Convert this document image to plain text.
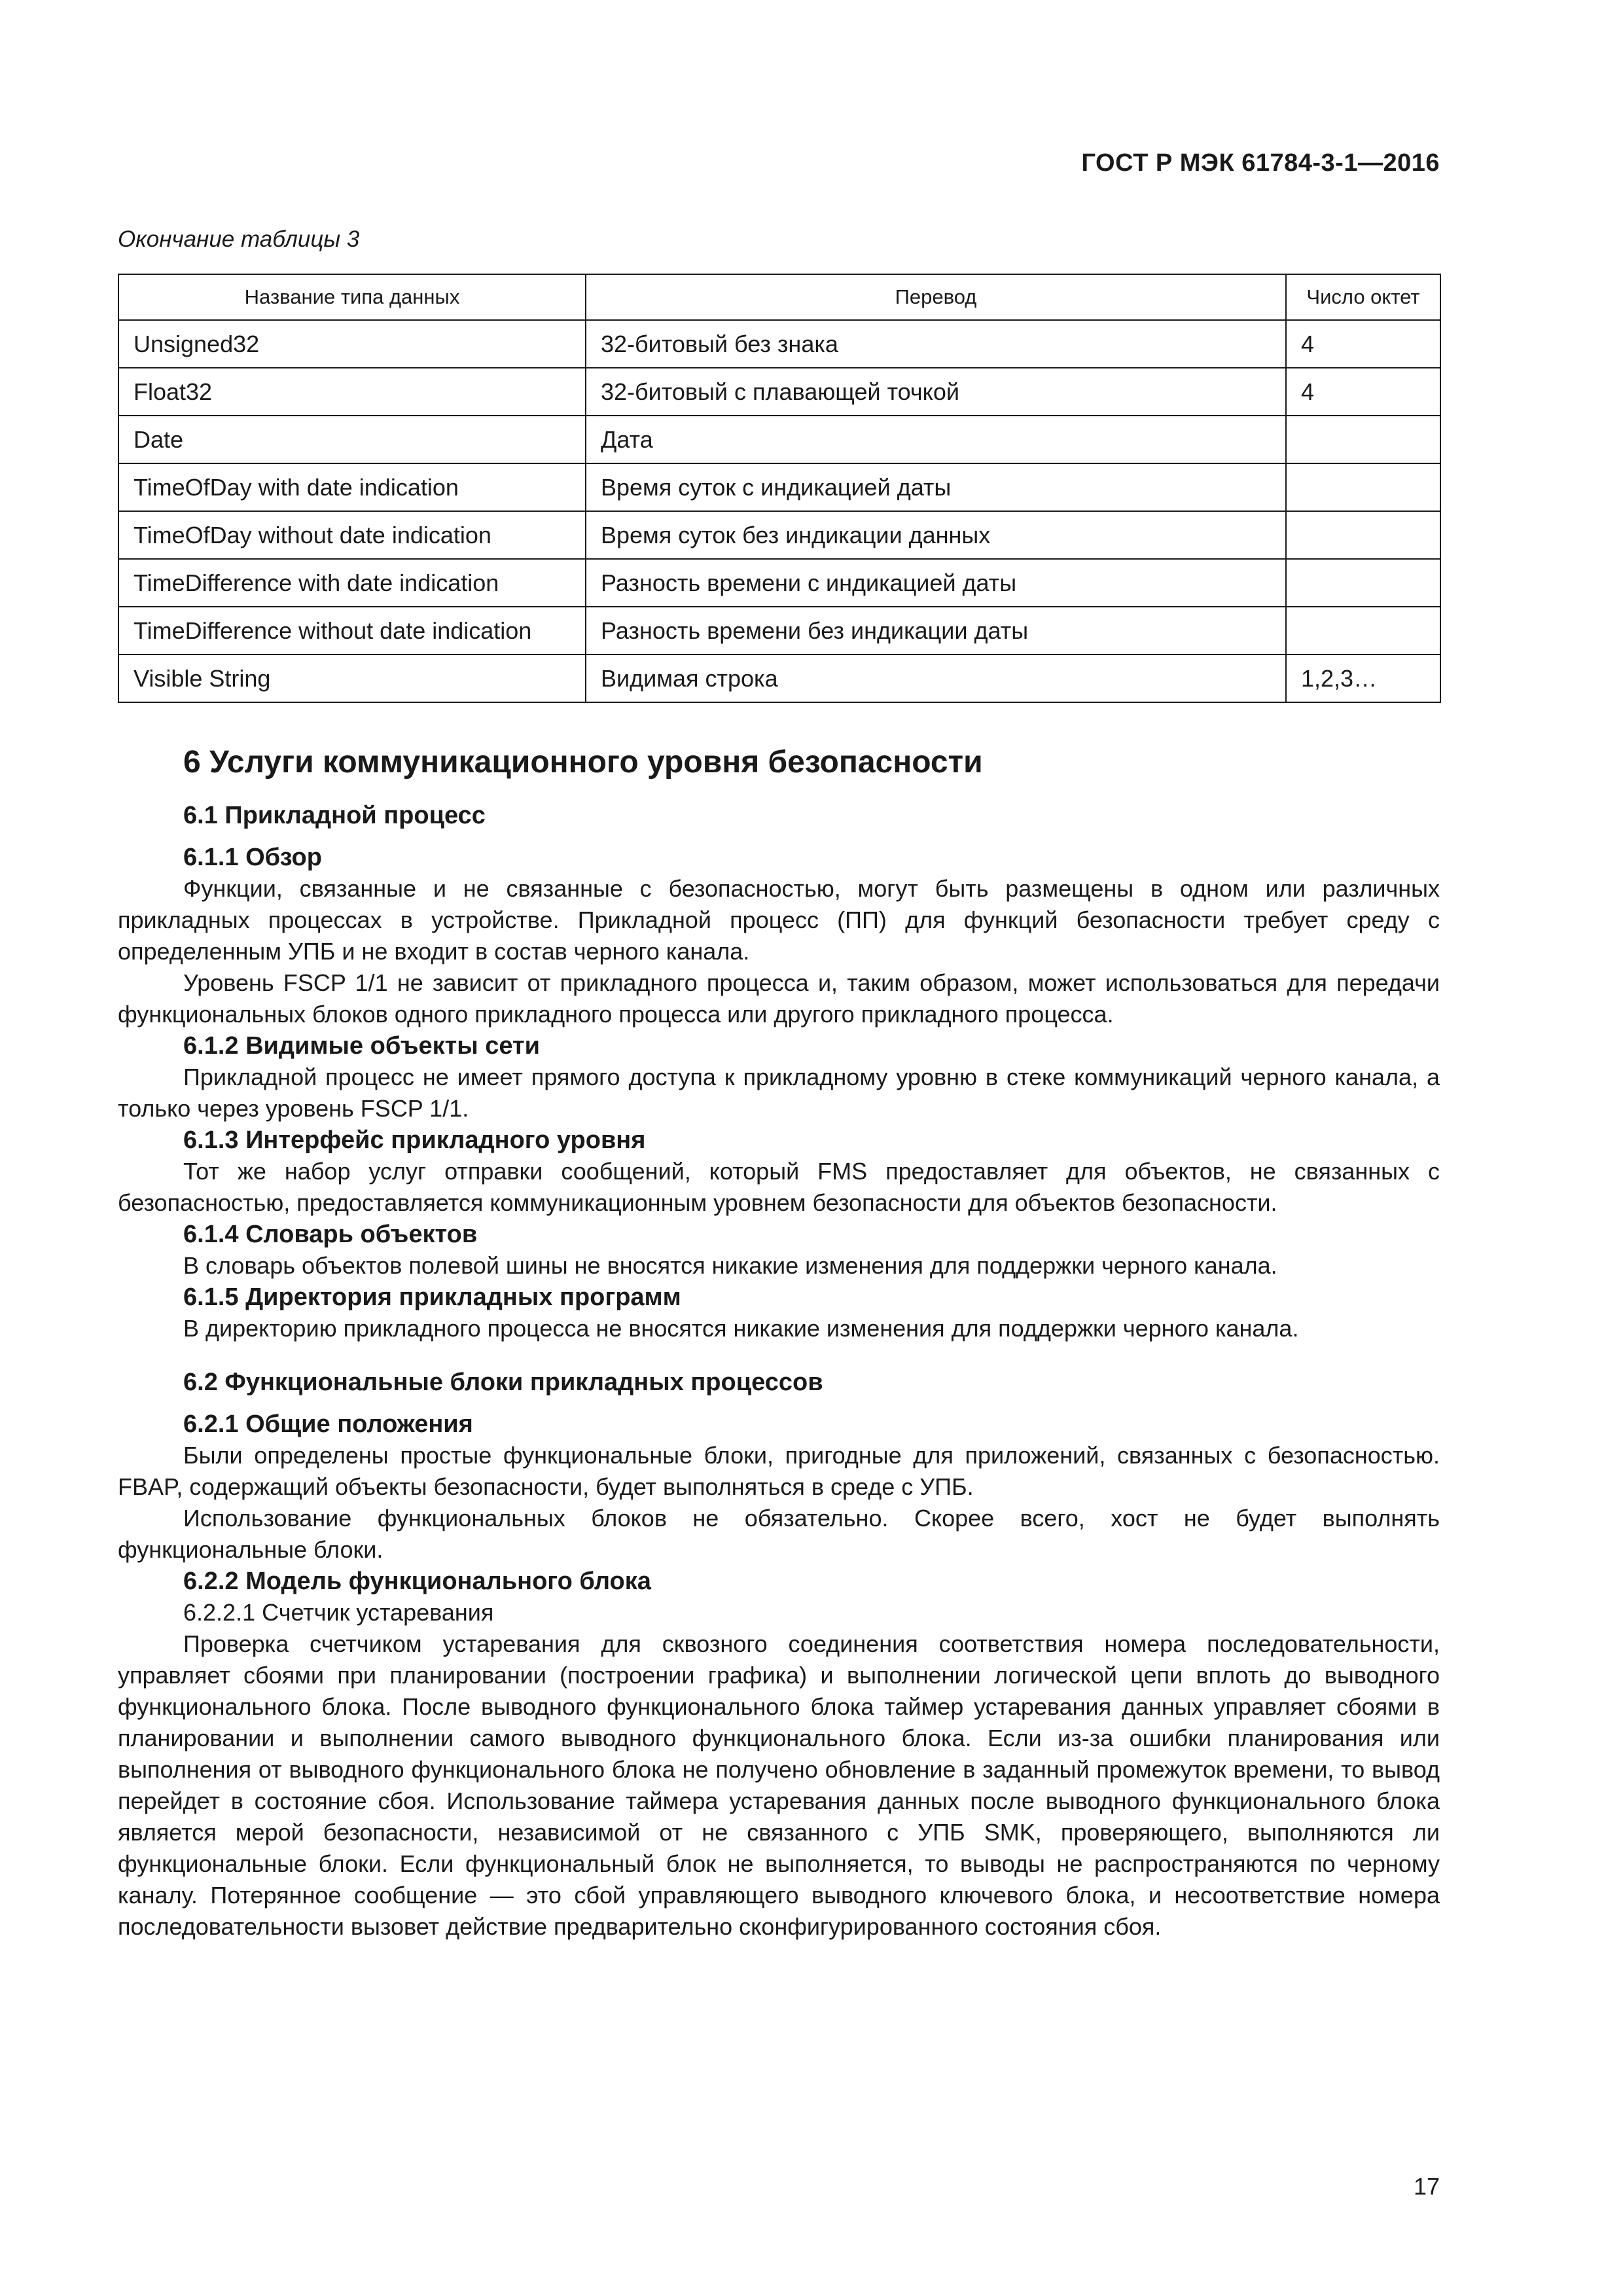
ГОСТ Р МЭК 61784-3-1—2016
Окончание таблицы 3
Название типа данных	Перевод	Число октет
Unsigned32	32-битовый без знака	4
Float32	32-битовый с плавающей точкой	4
Date	Дата	
TimeOfDay with date indication	Время суток с индикацией даты	
TimeOfDay without date indication	Время суток без индикации данных	
TimeDifference with date indication	Разность времени с индикацией даты	
TimeDifference without date indication	Разность времени без индикации даты	
Visible String	Видимая строка	1,2,3…

6 Услуги коммуникационного уровня безопасности

6.1 Прикладной процесс

6.1.1 Обзор

Функции, связанные и не связанные с безопасностью, могут быть размещены в одном или различных прикладных процессах в устройстве. Прикладной процесс (ПП) для функций безопасности требует среду с определенным УПБ и не входит в состав черного канала.

Уровень FSCP 1/1 не зависит от прикладного процесса и, таким образом, может использоваться для передачи функциональных блоков одного прикладного процесса или другого прикладного процесса.

6.1.2 Видимые объекты сети

Прикладной процесс не имеет прямого доступа к прикладному уровню в стеке коммуникаций черного канала, а только через уровень FSCP 1/1.

6.1.3 Интерфейс прикладного уровня

Тот же набор услуг отправки сообщений, который FMS предоставляет для объектов, не связанных с безопасностью, предоставляется коммуникационным уровнем безопасности для объектов безопасности.

6.1.4 Словарь объектов

В словарь объектов полевой шины не вносятся никакие изменения для поддержки черного канала.

6.1.5 Директория прикладных программ

В директорию прикладного процесса не вносятся никакие изменения для поддержки черного канала.

6.2 Функциональные блоки прикладных процессов

6.2.1 Общие положения

Были определены простые функциональные блоки, пригодные для приложений, связанных с безопасностью. FBAP, содержащий объекты безопасности, будет выполняться в среде с УПБ.

Использование функциональных блоков не обязательно. Скорее всего, хост не будет выполнять функциональные блоки.

6.2.2 Модель функционального блока

6.2.2.1 Счетчик устаревания

Проверка счетчиком устаревания для сквозного соединения соответствия номера последовательности, управляет сбоями при планировании (построении графика) и выполнении логической цепи вплоть до выводного функционального блока. После выводного функционального блока таймер устаревания данных управляет сбоями в планировании и выполнении самого выводного функционального блока. Если из-за ошибки планирования или выполнения от выводного функционального блока не получено обновление в заданный промежуток времени, то вывод перейдет в состояние сбоя. Использование таймера устаревания данных после выводного функционального блока является мерой безопасности, независимой от не связанного с УПБ SMK, проверяющего, выполняются ли функциональные блоки. Если функциональный блок не выполняется, то выводы не распространяются по черному каналу. Потерянное сообщение — это сбой управляющего выводного ключевого блока, и несоответствие номера последовательности вызовет действие предварительно сконфигурированного состояния сбоя.

17
